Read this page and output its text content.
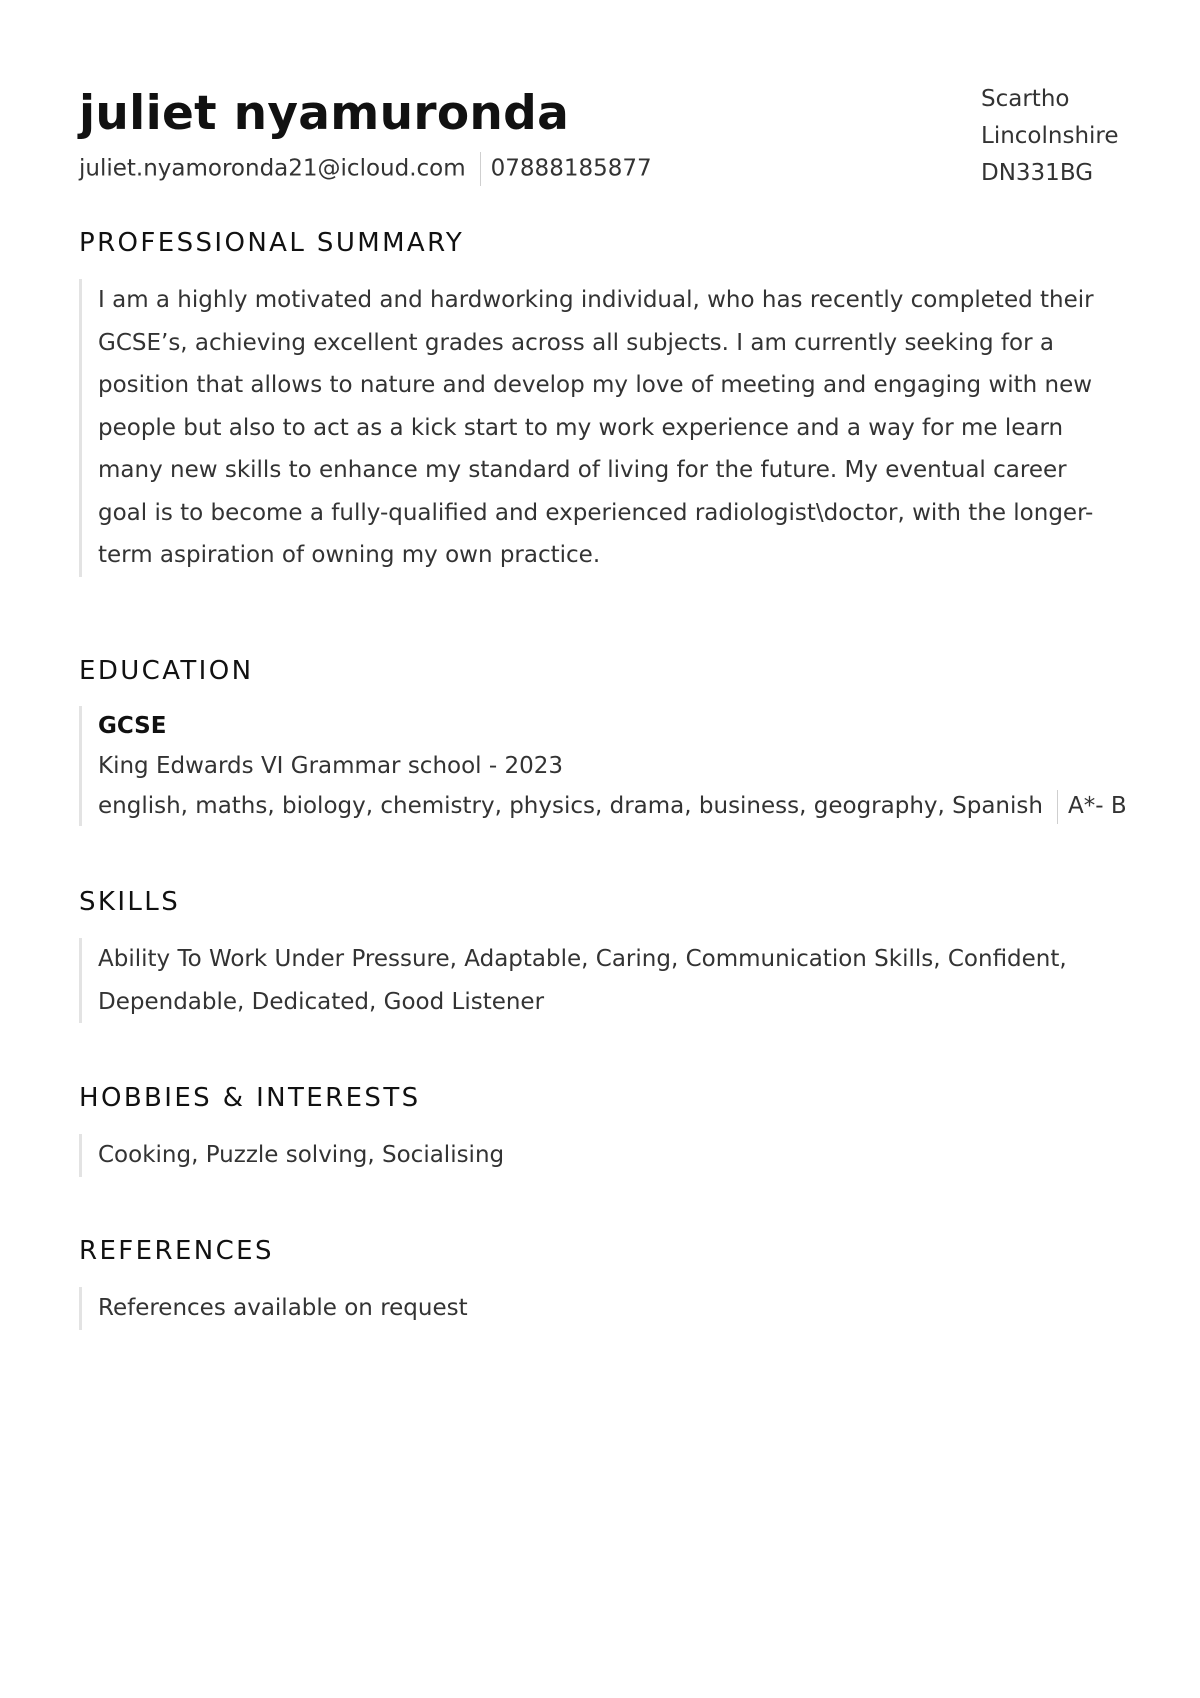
juliet nyamuronda
juliet.nyamoronda21@icloud.com 07888185877
Scartho
Lincolnshire
DN331BG
PROFESSIONAL SUMMARY

I am a highly motivated and hardworking individual, who has recently completed their GCSE’s, achieving excellent grades across all subjects. I am currently seeking for a position that allows to nature and develop my love of meeting and engaging with new people but also to act as a kick start to my work experience and a way for me learn many new skills to enhance my standard of living for the future. My eventual career goal is to become a fully-qualified and experienced radiologist\doctor, with the longer-term aspiration of owning my own practice.

EDUCATION

GCSE

King Edwards VI Grammar school - 2023

english, maths, biology, chemistry, physics, drama, business, geography, Spanish A*- B

SKILLS

Ability To Work Under Pressure, Adaptable, Caring, Communication Skills, Confident, Dependable, Dedicated, Good Listener

HOBBIES & INTERESTS

Cooking, Puzzle solving, Socialising

REFERENCES

References available on request
